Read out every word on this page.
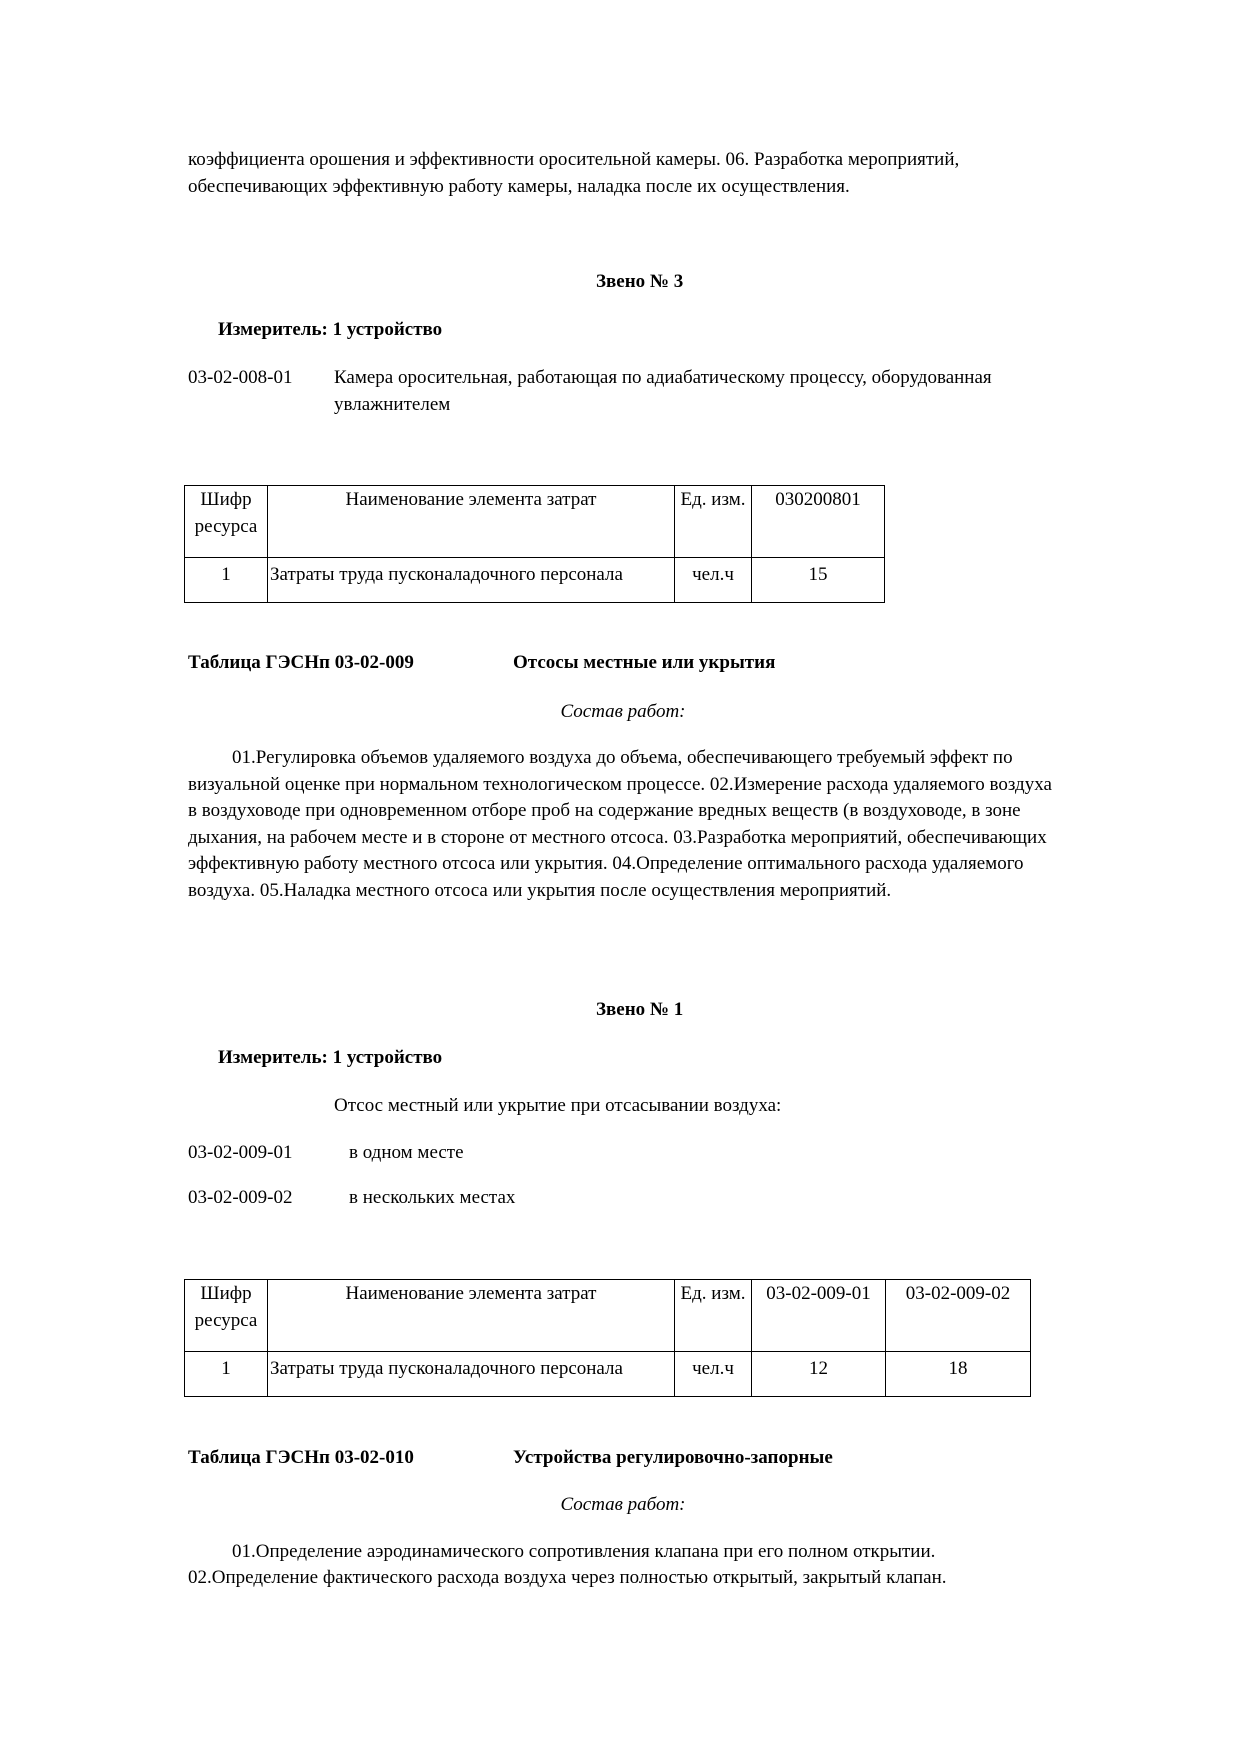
коэффициента орошения и эффективности оросительной камеры. 06. Разработка мероприятий, обеспечивающих эффективную работу камеры, наладка после их осуществления.
Звено № 3
Измеритель: 1 устройство
03-02-008-01 Камера оросительная, работающая по адиабатическому процессу, оборудованная увлажнителем
Шифр ресурса	Наименование элемента затрат	Ед. изм.	030200801
1	Затраты труда пусконаладочного персонала	чел.ч	15
Таблица ГЭСНп 03-02-009	Отсосы местные или укрытия
Состав работ:
01.Регулировка объемов удаляемого воздуха до объема, обеспечивающего требуемый эффект по визуальной оценке при нормальном технологическом процессе. 02.Измерение расхода удаляемого воздуха в воздуховоде при одновременном отборе проб на содержание вредных веществ (в воздуховоде, в зоне дыхания, на рабочем месте и в стороне от местного отсоса. 03.Разработка мероприятий, обеспечивающих эффективную работу местного отсоса или укрытия. 04.Определение оптимального расхода удаляемого воздуха. 05.Наладка местного отсоса или укрытия после осуществления мероприятий.
Звено № 1
Измеритель: 1 устройство
Отсос местный или укрытие при отсасывании воздуха:
03-02-009-01	в одном месте
03-02-009-02	в нескольких местах
Шифр ресурса	Наименование элемента затрат	Ед. изм.	03-02-009-01	03-02-009-02
1	Затраты труда пусконаладочного персонала	чел.ч	12	18
Таблица ГЭСНп 03-02-010	Устройства регулировочно-запорные
Состав работ:
01.Определение аэродинамического сопротивления клапана при его полном открытии.
02.Определение фактического расхода воздуха через полностью открытый, закрытый клапан.
